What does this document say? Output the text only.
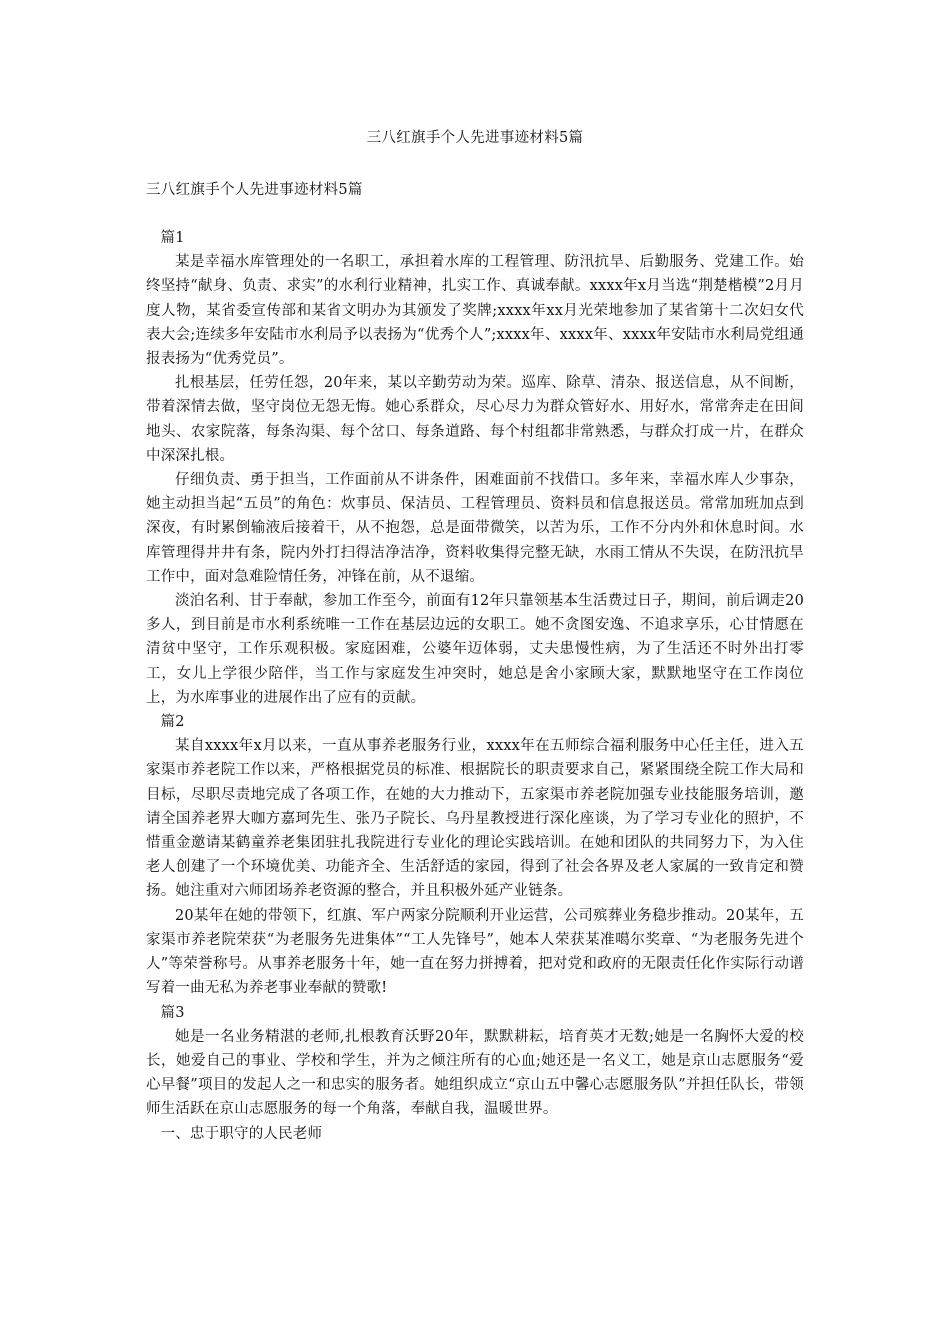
三八红旗手个人先进事迹材料5篇
三八红旗手个人先进事迹材料5篇

篇1

某是幸福水库管理处的一名职工，承担着水库的工程管理、防汛抗旱、后勤服务、党建工作。始终坚持“献身、负责、求实”的水利行业精神，扎实工作、真诚奉献。xxxx年x月当选“荆楚楷模”2月月度人物，某省委宣传部和某省文明办为其颁发了奖牌;xxxx年xx月光荣地参加了某省第十二次妇女代表大会;连续多年安陆市水利局予以表扬为“优秀个人”;xxxx年、xxxx年、xxxx年安陆市水利局党组通报表扬为“优秀党员”。

扎根基层，任劳任怨，20年来，某以辛勤劳动为荣。巡库、除草、清杂、报送信息，从不间断，带着深情去做，坚守岗位无怨无悔。她心系群众，尽心尽力为群众管好水、用好水，常常奔走在田间地头、农家院落，每条沟渠、每个岔口、每条道路、每个村组都非常熟悉，与群众打成一片，在群众中深深扎根。

仔细负责、勇于担当，工作面前从不讲条件，困难面前不找借口。多年来，幸福水库人少事杂，她主动担当起“五员”的角色：炊事员、保洁员、工程管理员、资料员和信息报送员。常常加班加点到深夜，有时累倒输液后接着干，从不抱怨，总是面带微笑，以苦为乐，工作不分内外和休息时间。水库管理得井井有条，院内外打扫得洁净洁净，资料收集得完整无缺，水雨工情从不失误，在防汛抗旱工作中，面对急难险情任务，冲锋在前，从不退缩。

淡泊名利、甘于奉献，参加工作至今，前面有12年只靠领基本生活费过日子，期间，前后调走20多人，到目前是市水利系统唯一工作在基层边远的女职工。她不贪图安逸、不追求享乐，心甘情愿在清贫中坚守，工作乐观积极。家庭困难，公婆年迈体弱，丈夫患慢性病，为了生活还不时外出打零工，女儿上学很少陪伴，当工作与家庭发生冲突时，她总是舍小家顾大家，默默地坚守在工作岗位上，为水库事业的进展作出了应有的贡献。

篇2

某自xxxx年x月以来，一直从事养老服务行业，xxxx年在五师综合福利服务中心任主任，进入五家渠市养老院工作以来，严格根据党员的标准、根据院长的职责要求自己，紧紧围绕全院工作大局和目标，尽职尽责地完成了各项工作，在她的大力推动下，五家渠市养老院加强专业技能服务培训，邀请全国养老界大咖方嘉珂先生、张乃子院长、乌丹星教授进行深化座谈，为了学习专业化的照护，不惜重金邀请某鹤童养老集团驻扎我院进行专业化的理论实践培训。在她和团队的共同努力下，为入住老人创建了一个环境优美、功能齐全、生活舒适的家园，得到了社会各界及老人家属的一致肯定和赞扬。她注重对六师团场养老资源的整合，并且积极外延产业链条。

20某年在她的带领下，红旗、军户两家分院顺利开业运营，公司殡葬业务稳步推动。20某年，五家渠市养老院荣获“为老服务先进集体”“工人先锋号”，她本人荣获某准噶尔奖章、“为老服务先进个人”等荣誉称号。从事养老服务十年，她一直在努力拼搏着，把对党和政府的无限责任化作实际行动谱写着一曲无私为养老事业奉献的赞歌!

篇3

她是一名业务精湛的老师,扎根教育沃野20年，默默耕耘，培育英才无数;她是一名胸怀大爱的校长，她爱自己的事业、学校和学生，并为之倾注所有的心血;她还是一名义工，她是京山志愿服务“爱心早餐”项目的发起人之一和忠实的服务者。她组织成立“京山五中馨心志愿服务队”并担任队长，带领师生活跃在京山志愿服务的每一个角落，奉献自我，温暖世界。

一、忠于职守的人民老师
